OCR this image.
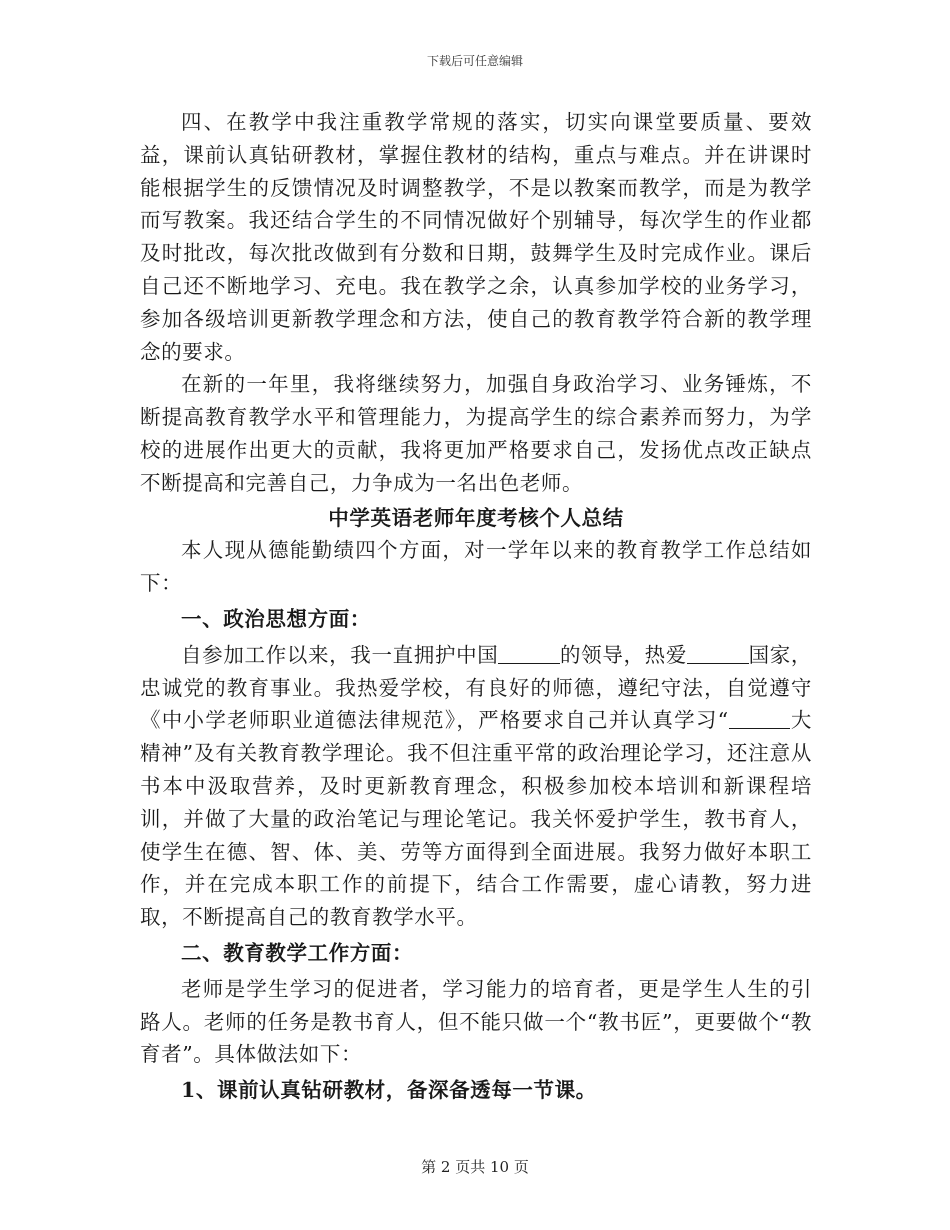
下载后可任意编辑

四、在教学中我注重教学常规的落实，切实向课堂要质量、要效益，课前认真钻研教材，掌握住教材的结构，重点与难点。并在讲课时能根据学生的反馈情况及时调整教学，不是以教案而教学，而是为教学而写教案。我还结合学生的不同情况做好个别辅导，每次学生的作业都及时批改，每次批改做到有分数和日期，鼓舞学生及时完成作业。课后自己还不断地学习、充电。我在教学之余，认真参加学校的业务学习，参加各级培训更新教学理念和方法，使自己的教育教学符合新的教学理念的要求。

在新的一年里，我将继续努力，加强自身政治学习、业务锤炼，不断提高教育教学水平和管理能力，为提高学生的综合素养而努力，为学校的进展作出更大的贡献，我将更加严格要求自己，发扬优点改正缺点不断提高和完善自己，力争成为一名出色老师。

中学英语老师年度考核个人总结

本人现从德能勤绩四个方面，对一学年以来的教育教学工作总结如下：

一、政治思想方面：

自参加工作以来，我一直拥护中国	的领导，热爱	国家，忠诚党的教育事业。我热爱学校，有良好的师德，遵纪守法，自觉遵守《中小学老师职业道德法律规范》，严格要求自己并认真学习“	大精神”及有关教育教学理论。我不但注重平常的政治理论学习，还注意从书本中汲取营养，及时更新教育理念，积极参加校本培训和新课程培训，并做了大量的政治笔记与理论笔记。我关怀爱护学生，教书育人，使学生在德、智、体、美、劳等方面得到全面进展。我努力做好本职工作，并在完成本职工作的前提下，结合工作需要，虚心请教，努力进取，不断提高自己的教育教学水平。

二、教育教学工作方面：

老师是学生学习的促进者，学习能力的培育者，更是学生人生的引路人。老师的任务是教书育人，但不能只做一个“教书匠”，更要做个“教育者”。具体做法如下：

1、课前认真钻研教材，备深备透每一节课。

第 2 页共 10 页
